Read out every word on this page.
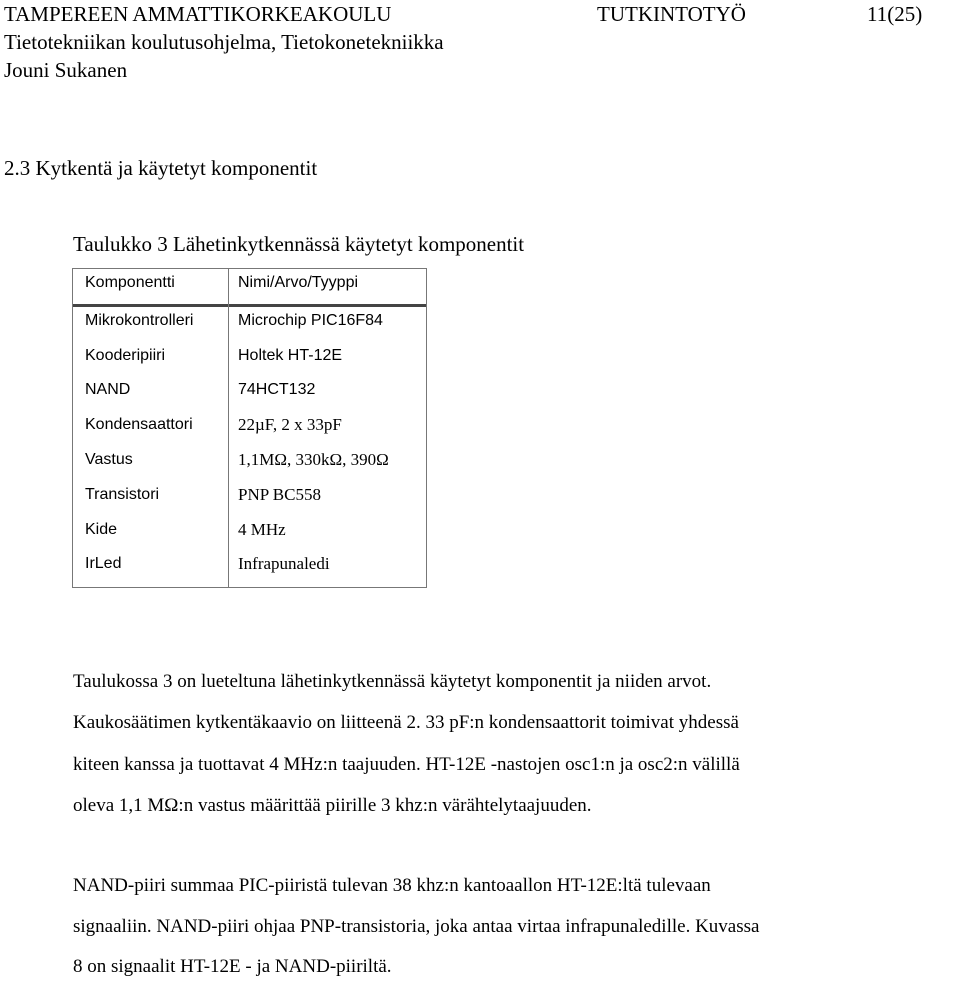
TAMPEREEN AMMATTIKORKEAKOULU	TUTKINTOTYÖ	11(25)
Tietotekniikan koulutusohjelma, Tietokonetekniikka
Jouni Sukanen
2.3 Kytkentä ja käytetyt komponentit
Taulukko 3 Lähetinkytkennässä käytetyt komponentit
Komponentti	Nimi/Arvo/Tyyppi
Mikrokontrolleri	Microchip PIC16F84
Kooderipiiri	Holtek HT-12E
NAND	74HCT132
Kondensaattori	22µF, 2 x 33pF
Vastus	1,1MΩ, 330kΩ, 390Ω
Transistori	PNP BC558
Kide	4 MHz
IrLed	Infrapunaledi
Taulukossa 3 on lueteltuna lähetinkytkennässä käytetyt komponentit ja niiden arvot.
Kaukosäätimen kytkentäkaavio on liitteenä 2. 33 pF:n kondensaattorit toimivat yhdessä
kiteen kanssa ja tuottavat 4 MHz:n taajuuden. HT-12E -nastojen osc1:n ja osc2:n välillä
oleva 1,1 MΩ:n vastus määrittää piirille 3 khz:n värähtelytaajuuden.
NAND-piiri summaa PIC-piiristä tulevan 38 khz:n kantoaallon HT-12E:ltä tulevaan
signaaliin. NAND-piiri ohjaa PNP-transistoria, joka antaa virtaa infrapunaledille. Kuvassa
8 on signaalit HT-12E - ja NAND-piiriltä.
